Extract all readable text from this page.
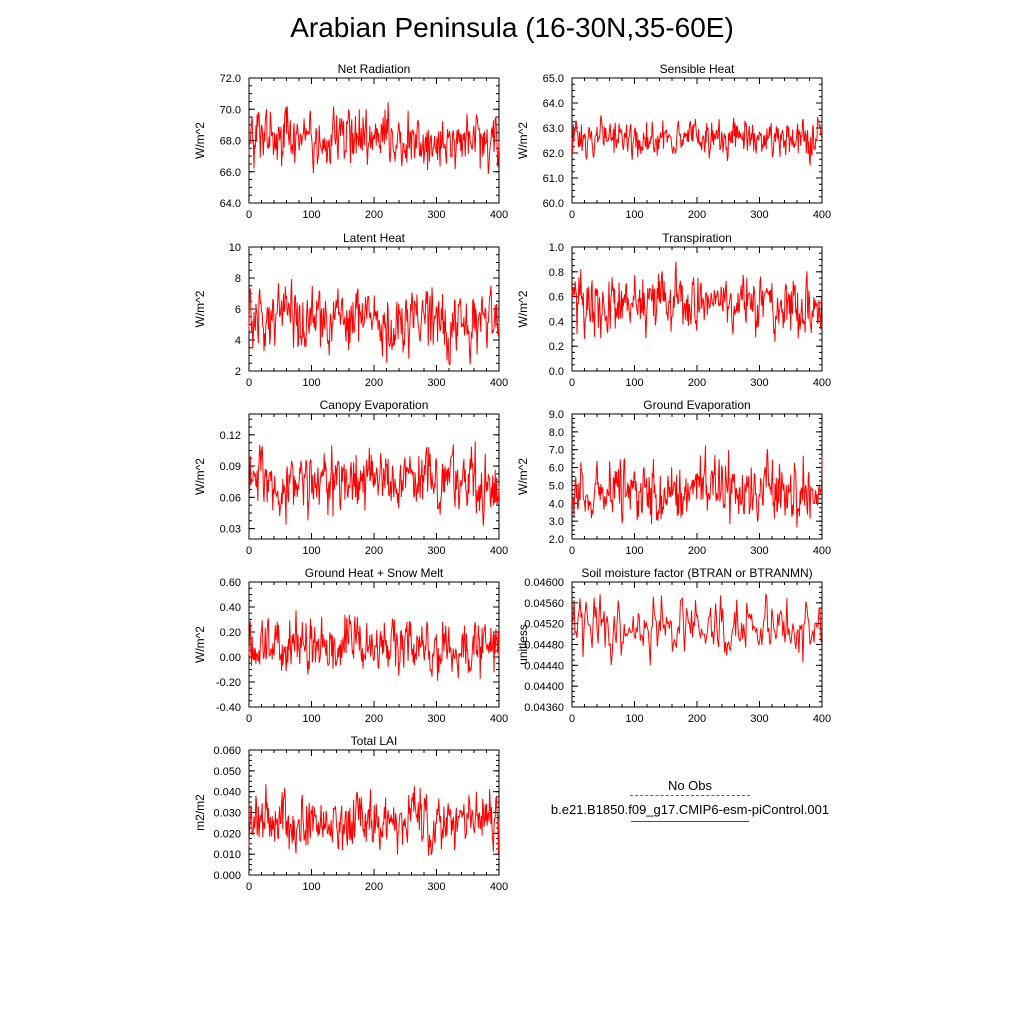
Arabian Peninsula (16-30N,35-60E)
Net Radiation
W/m^2
0	100	200	300	400
64.0
66.0
68.0
70.0
72.0
Sensible Heat
W/m^2
0	100	200	300	400
60.0
61.0
62.0
63.0
64.0
65.0
Latent Heat
W/m^2
0	100	200	300	400
2
4
6
8
10
Transpiration
W/m^2
0	100	200	300	400
0.0
0.2
0.4
0.6
0.8
1.0
Canopy Evaporation
W/m^2
0	100	200	300	400
0.03
0.06
0.09
0.12
Ground Evaporation
W/m^2
0	100	200	300	400
2.0
3.0
4.0
5.0
6.0
7.0
8.0
9.0
Ground Heat + Snow Melt
W/m^2
0	100	200	300	400
-0.40
-0.20
0.00
0.20
0.40
0.60
Soil moisture factor (BTRAN or BTRANMN)
unitless
0	100	200	300	400
0.04360
0.04400
0.04440
0.04480
0.04520
0.04560
0.04600
Total LAI
m2/m2
0	100	200	300	400
0.000
0.010
0.020
0.030
0.040
0.050
0.060
No Obs
b.e21.B1850.f09_g17.CMIP6-esm-piControl.001
